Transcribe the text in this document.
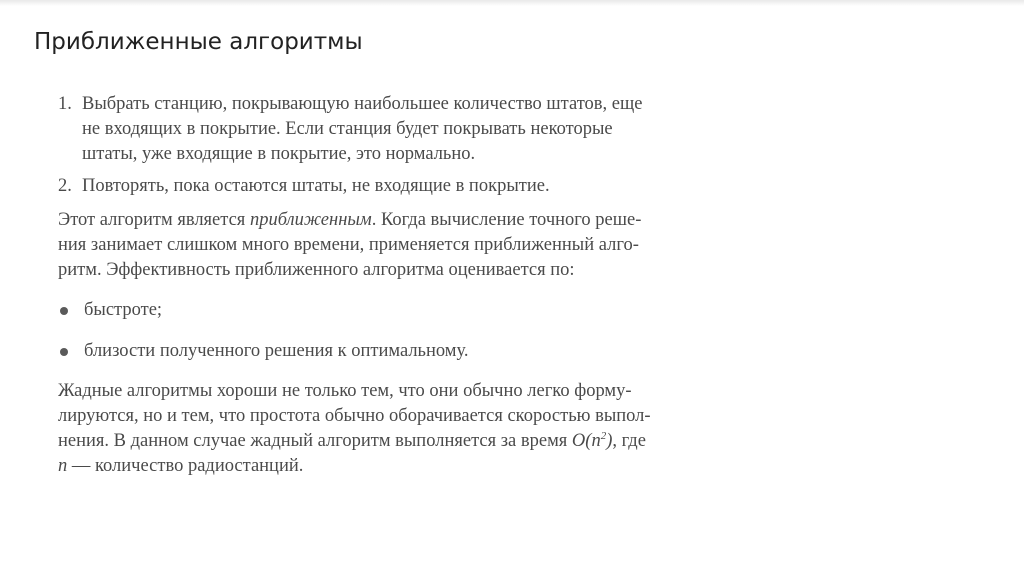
Приближенные алгоритмы
1. Выбрать станцию, покрывающую наибольшее количество штатов, еще
не входящих в покрытие. Если станция будет покрывать некоторые
штаты, уже входящие в покрытие, это нормально.
2. Повторять, пока остаются штаты, не входящие в покрытие.

Этот алгоритм является приближенным. Когда вычисление точного реше-
ния занимает слишком много времени, применяется приближенный алго-
ритм. Эффективность приближенного алгоритма оценивается по:

быстроте;
близости полученного решения к оптимальному.

Жадные алгоритмы хороши не только тем, что они обычно легко форму-
лируются, но и тем, что простота обычно оборачивается скоростью выпол-
нения. В данном случае жадный алгоритм выполняется за время $O(n^2)$, где
n — количество радиостанций.
